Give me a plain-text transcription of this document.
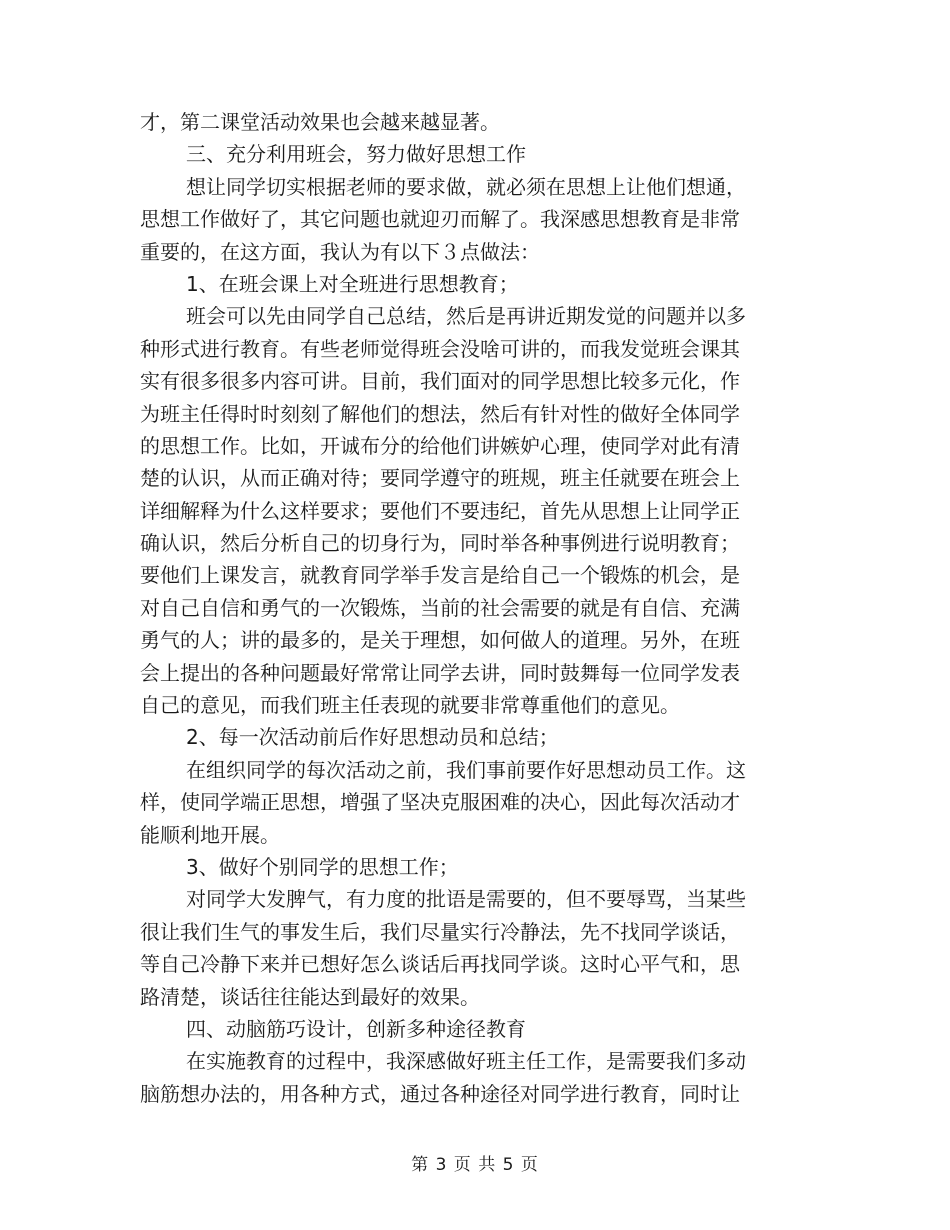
才，第二课堂活动效果也会越来越显著。

三、充分利用班会，努力做好思想工作

想让同学切实根据老师的要求做，就必须在思想上让他们想通，

思想工作做好了，其它问题也就迎刃而解了。我深感思想教育是非常

重要的，在这方面，我认为有以下３点做法：

1、在班会课上对全班进行思想教育；

班会可以先由同学自己总结，然后是再讲近期发觉的问题并以多

种形式进行教育。有些老师觉得班会没啥可讲的，而我发觉班会课其

实有很多很多内容可讲。目前，我们面对的同学思想比较多元化，作

为班主任得时时刻刻了解他们的想法，然后有针对性的做好全体同学

的思想工作。比如，开诚布分的给他们讲嫉妒心理，使同学对此有清

楚的认识，从而正确对待；要同学遵守的班规，班主任就要在班会上

详细解释为什么这样要求；要他们不要违纪，首先从思想上让同学正

确认识，然后分析自己的切身行为，同时举各种事例进行说明教育；

要他们上课发言，就教育同学举手发言是给自己一个锻炼的机会，是

对自己自信和勇气的一次锻炼，当前的社会需要的就是有自信、充满

勇气的人；讲的最多的，是关于理想，如何做人的道理。另外，在班

会上提出的各种问题最好常常让同学去讲，同时鼓舞每一位同学发表

自己的意见，而我们班主任表现的就要非常尊重他们的意见。

2、每一次活动前后作好思想动员和总结；

在组织同学的每次活动之前，我们事前要作好思想动员工作。这

样，使同学端正思想，增强了坚决克服困难的决心，因此每次活动才

能顺利地开展。

3、做好个别同学的思想工作；

对同学大发脾气，有力度的批语是需要的，但不要辱骂，当某些

很让我们生气的事发生后，我们尽量实行冷静法，先不找同学谈话，

等自己冷静下来并已想好怎么谈话后再找同学谈。这时心平气和，思

路清楚，谈话往往能达到最好的效果。

四、动脑筋巧设计，创新多种途径教育

在实施教育的过程中，我深感做好班主任工作，是需要我们多动

脑筋想办法的，用各种方式，通过各种途径对同学进行教育，同时让

第 3 页 共 5 页
